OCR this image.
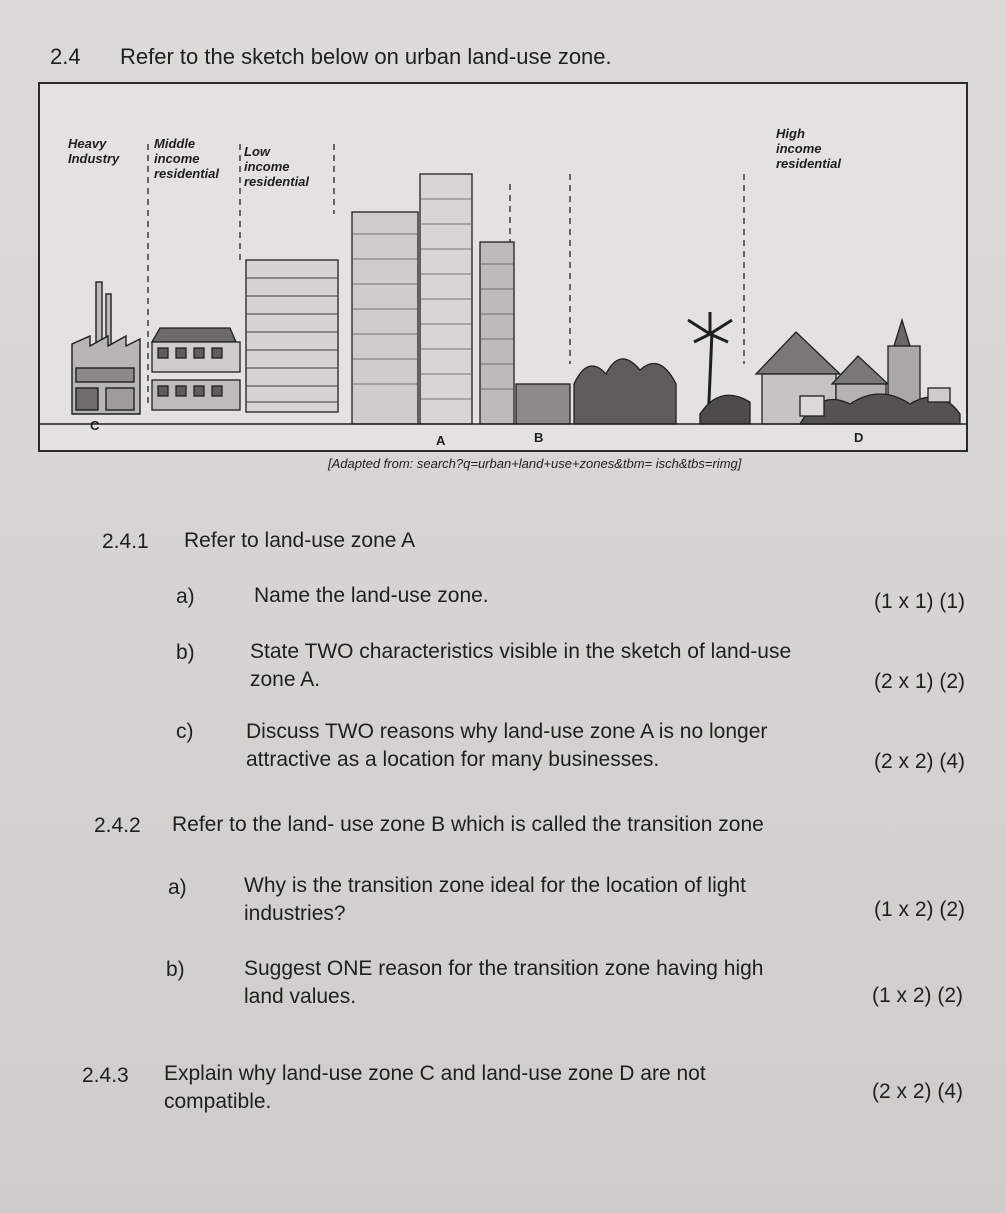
2.4 Refer to the sketch below on urban land-use zone.
Heavy
Industry
Middle
income
residential
Low
income
residential
High
income
residential
A	B
C
D
[Adapted from: search?q=urban+land+use+zones&tbm= isch&tbs=rimg]
2.4.1 Refer to land-use zone A
a)	Name the land-use zone.	(1 x 1) (1)
b)	State TWO characteristics visible in the sketch of land-use
zone A.	(2 x 1) (2)
c)	Discuss TWO reasons why land-use zone A is no longer
attractive as a location for many businesses.	(2 x 2) (4)
2.4.2 Refer to the land- use zone B which is called the transition zone
a)	Why is the transition zone ideal for the location of light
industries?	(1 x 2) (2)
b)	Suggest ONE reason for the transition zone having high
land values.	(1 x 2) (2)
2.4.3 Explain why land-use zone C and land-use zone D are not
compatible.	(2 x 2) (4)
